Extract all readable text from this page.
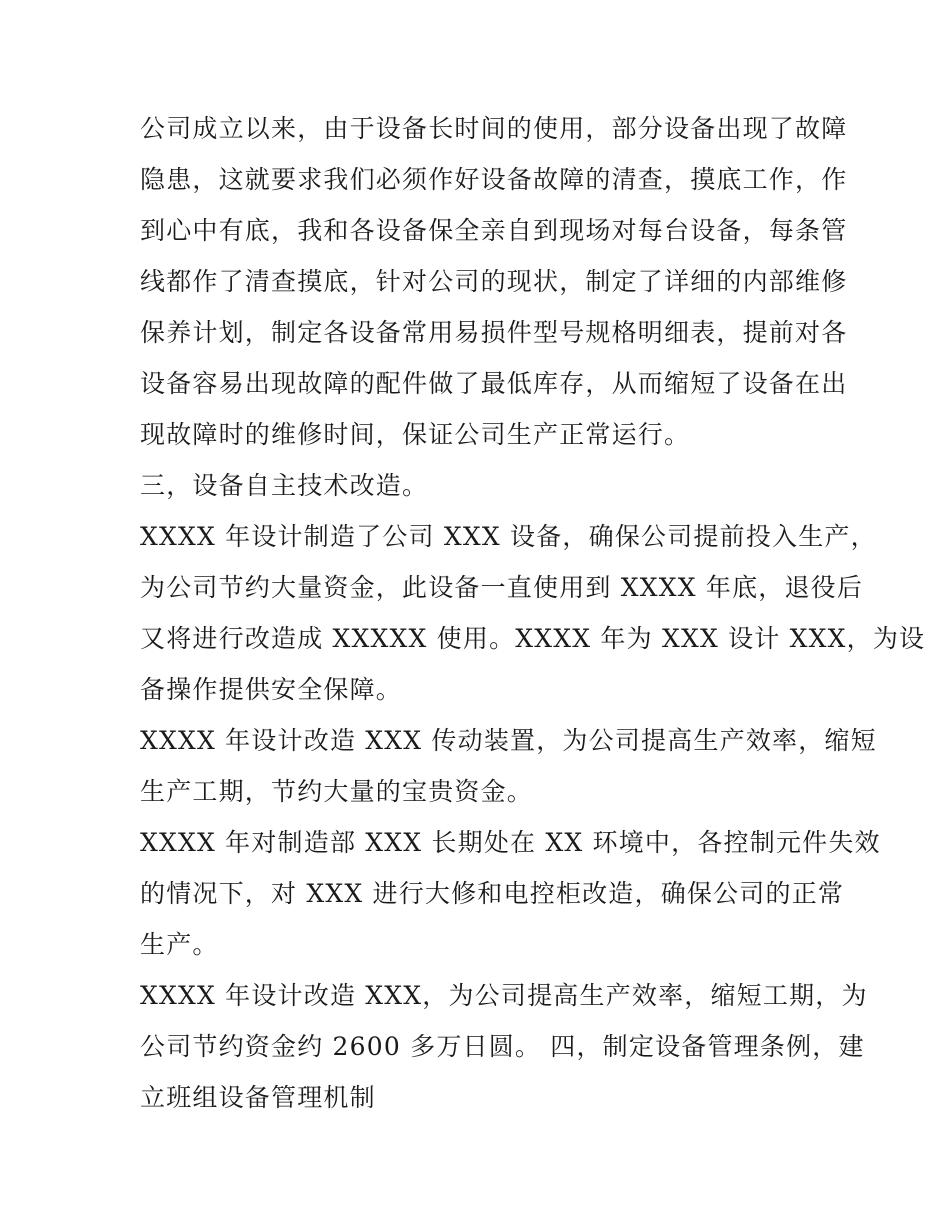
公司成立以来，由于设备长时间的使用，部分设备出现了故障
隐患，这就要求我们必须作好设备故障的清查，摸底工作，作
到心中有底，我和各设备保全亲自到现场对每台设备，每条管
线都作了清查摸底，针对公司的现状，制定了详细的内部维修
保养计划，制定各设备常用易损件型号规格明细表，提前对各
设备容易出现故障的配件做了最低库存，从而缩短了设备在出
现故障时的维修时间，保证公司生产正常运行。
三，设备自主技术改造。
XXXX 年设计制造了公司 XXX 设备，确保公司提前投入生产，
为公司节约大量资金，此设备一直使用到 XXXX 年底，退役后
又将进行改造成 XXXXX 使用。XXXX 年为 XXX 设计 XXX，为设
备操作提供安全保障。
XXXX 年设计改造 XXX 传动装置，为公司提高生产效率，缩短
生产工期，节约大量的宝贵资金。
XXXX 年对制造部 XXX 长期处在 XX 环境中，各控制元件失效
的情况下，对 XXX 进行大修和电控柜改造，确保公司的正常
生产。
XXXX 年设计改造 XXX，为公司提高生产效率，缩短工期，为
公司节约资金约 2600 多万日圆。 四，制定设备管理条例，建
立班组设备管理机制
